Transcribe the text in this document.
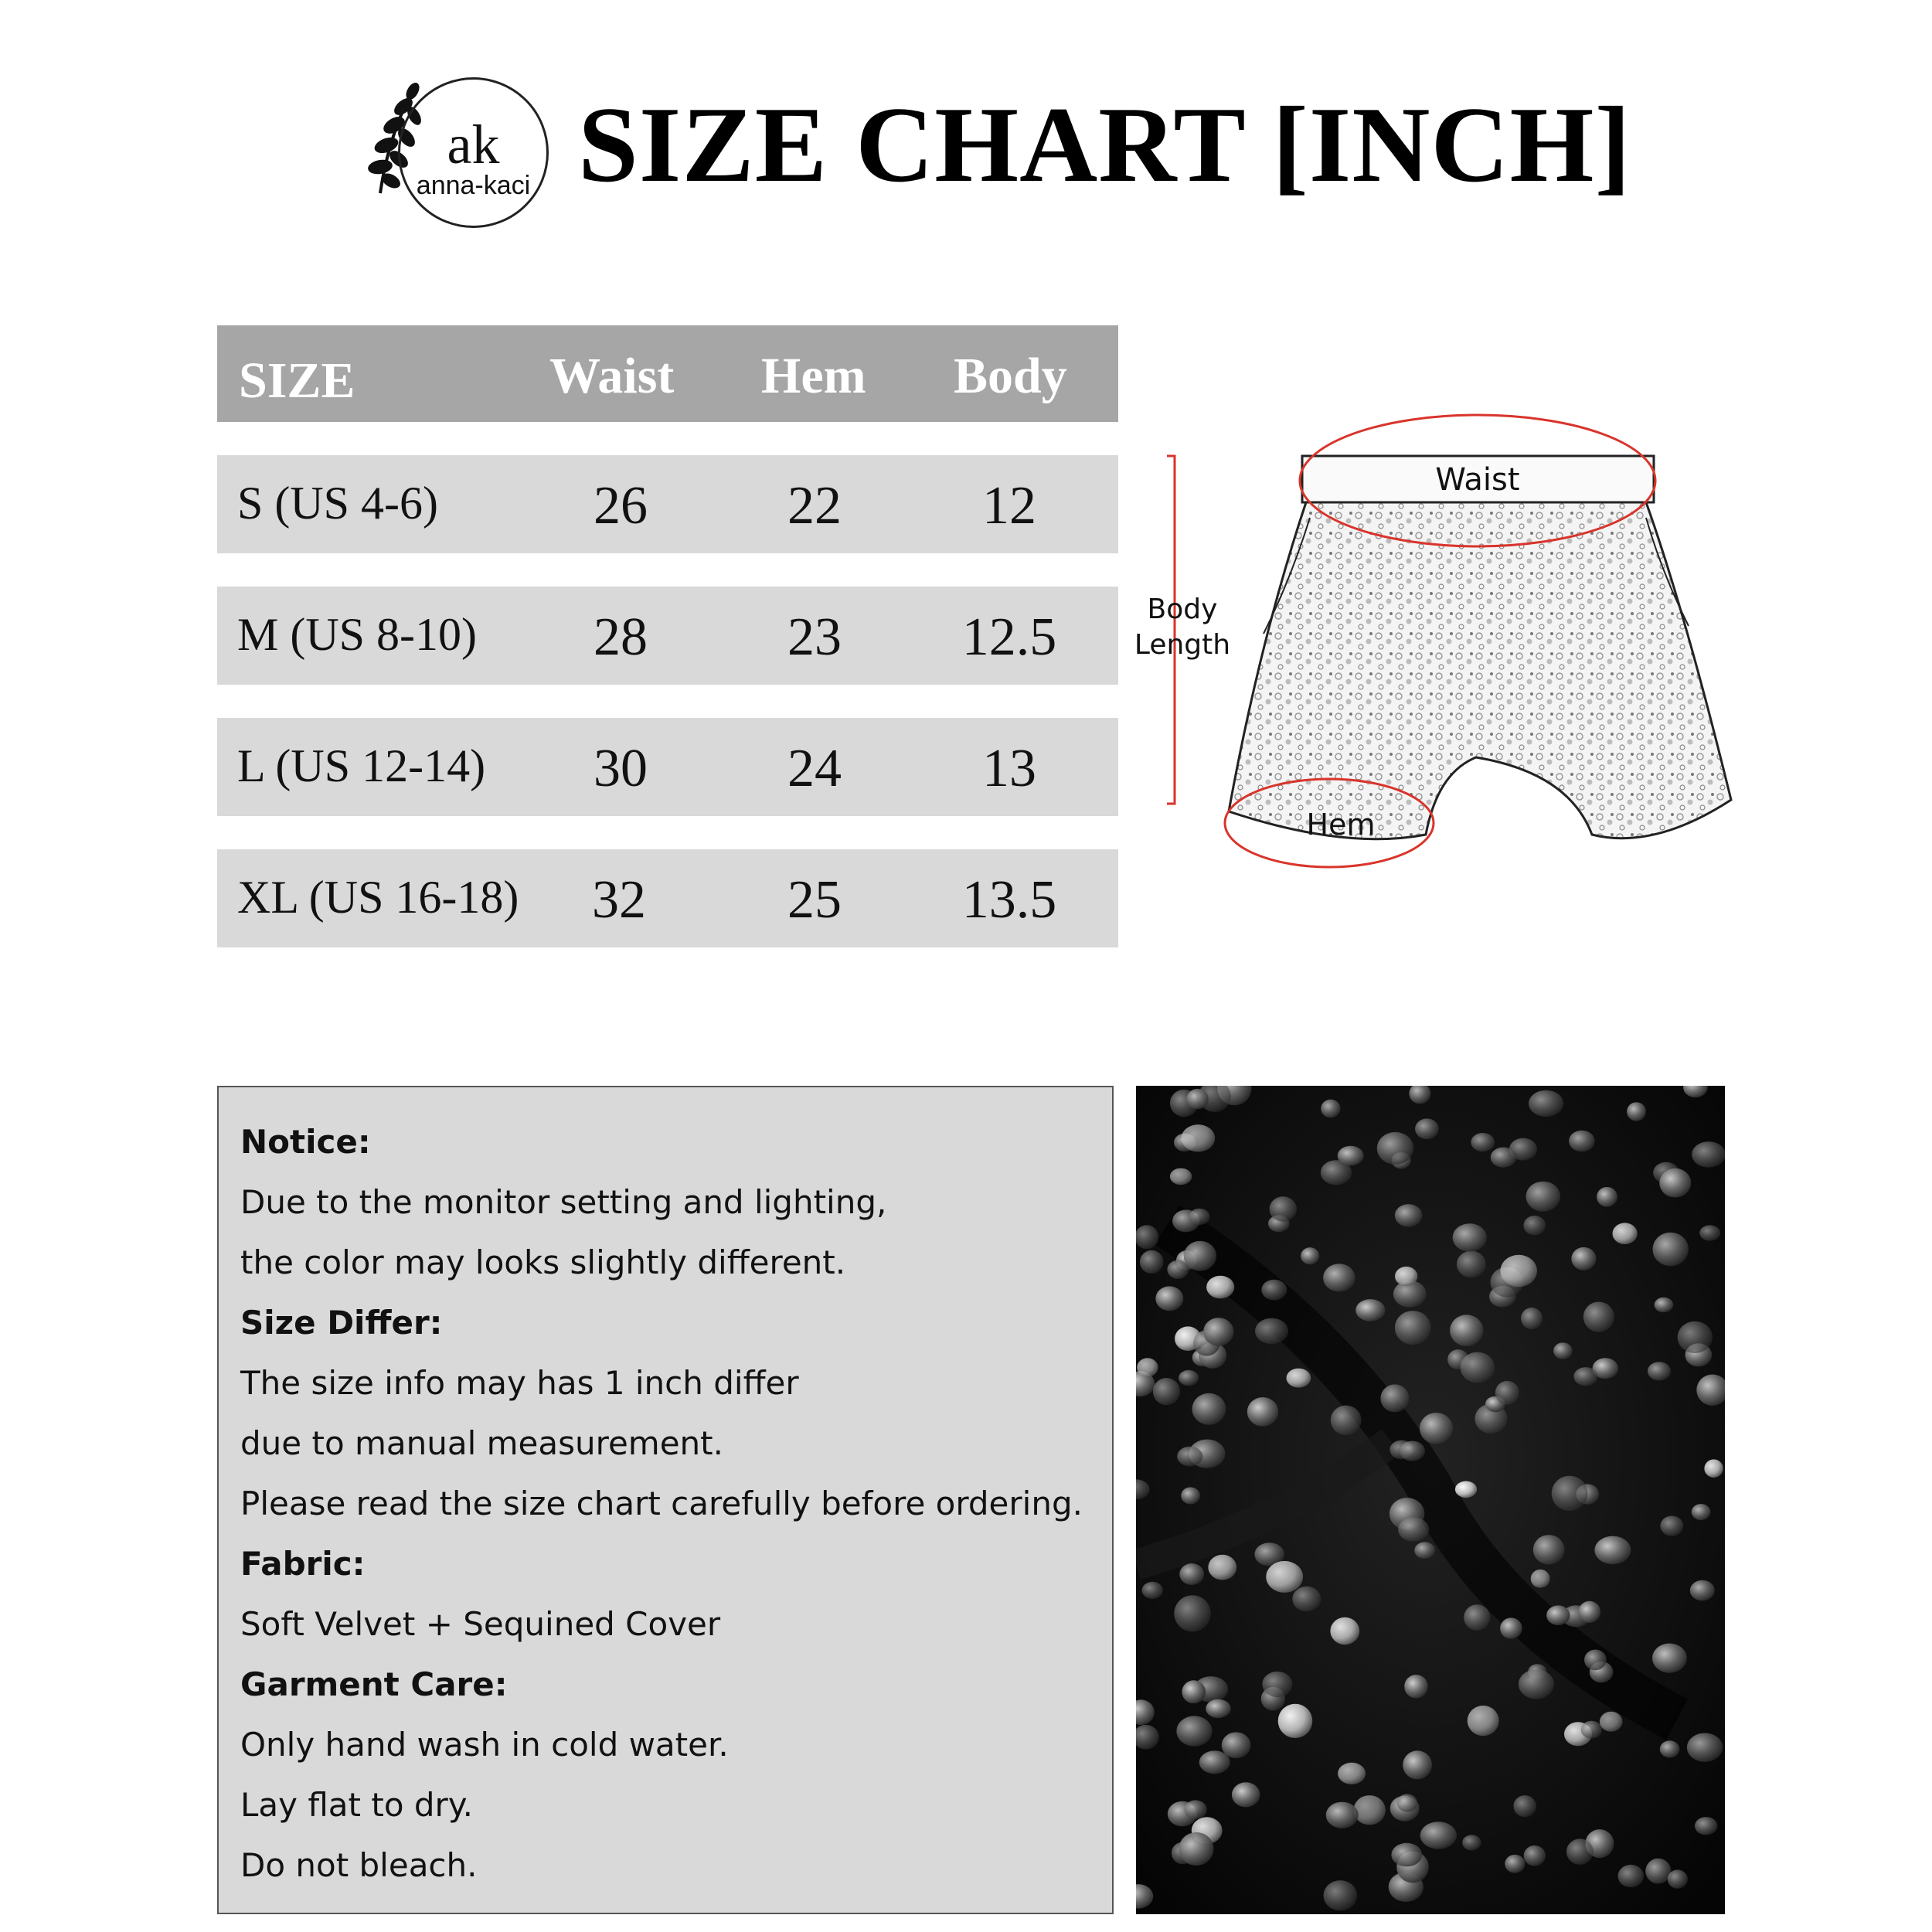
ak
anna-kaci SIZE CHART [INCH]
SIZE	Waist Hem Body
S (US 4-6)	26	22	12
M (US 8-10)	28	23	12.5
L (US 12-14)	30	24	13
XL (US 16-18)	32	25	13.5
Body
Length
Waist
Hem

Notice:

Due to the monitor setting and lighting,

the color may looks slightly different.

Size Differ:

The size info may has 1 inch differ

due to manual measurement.

Please read the size chart carefully before ordering.

Fabric:

Soft Velvet + Sequined Cover

Garment Care:

Only hand wash in cold water.

Lay flat to dry.

Do not bleach.
